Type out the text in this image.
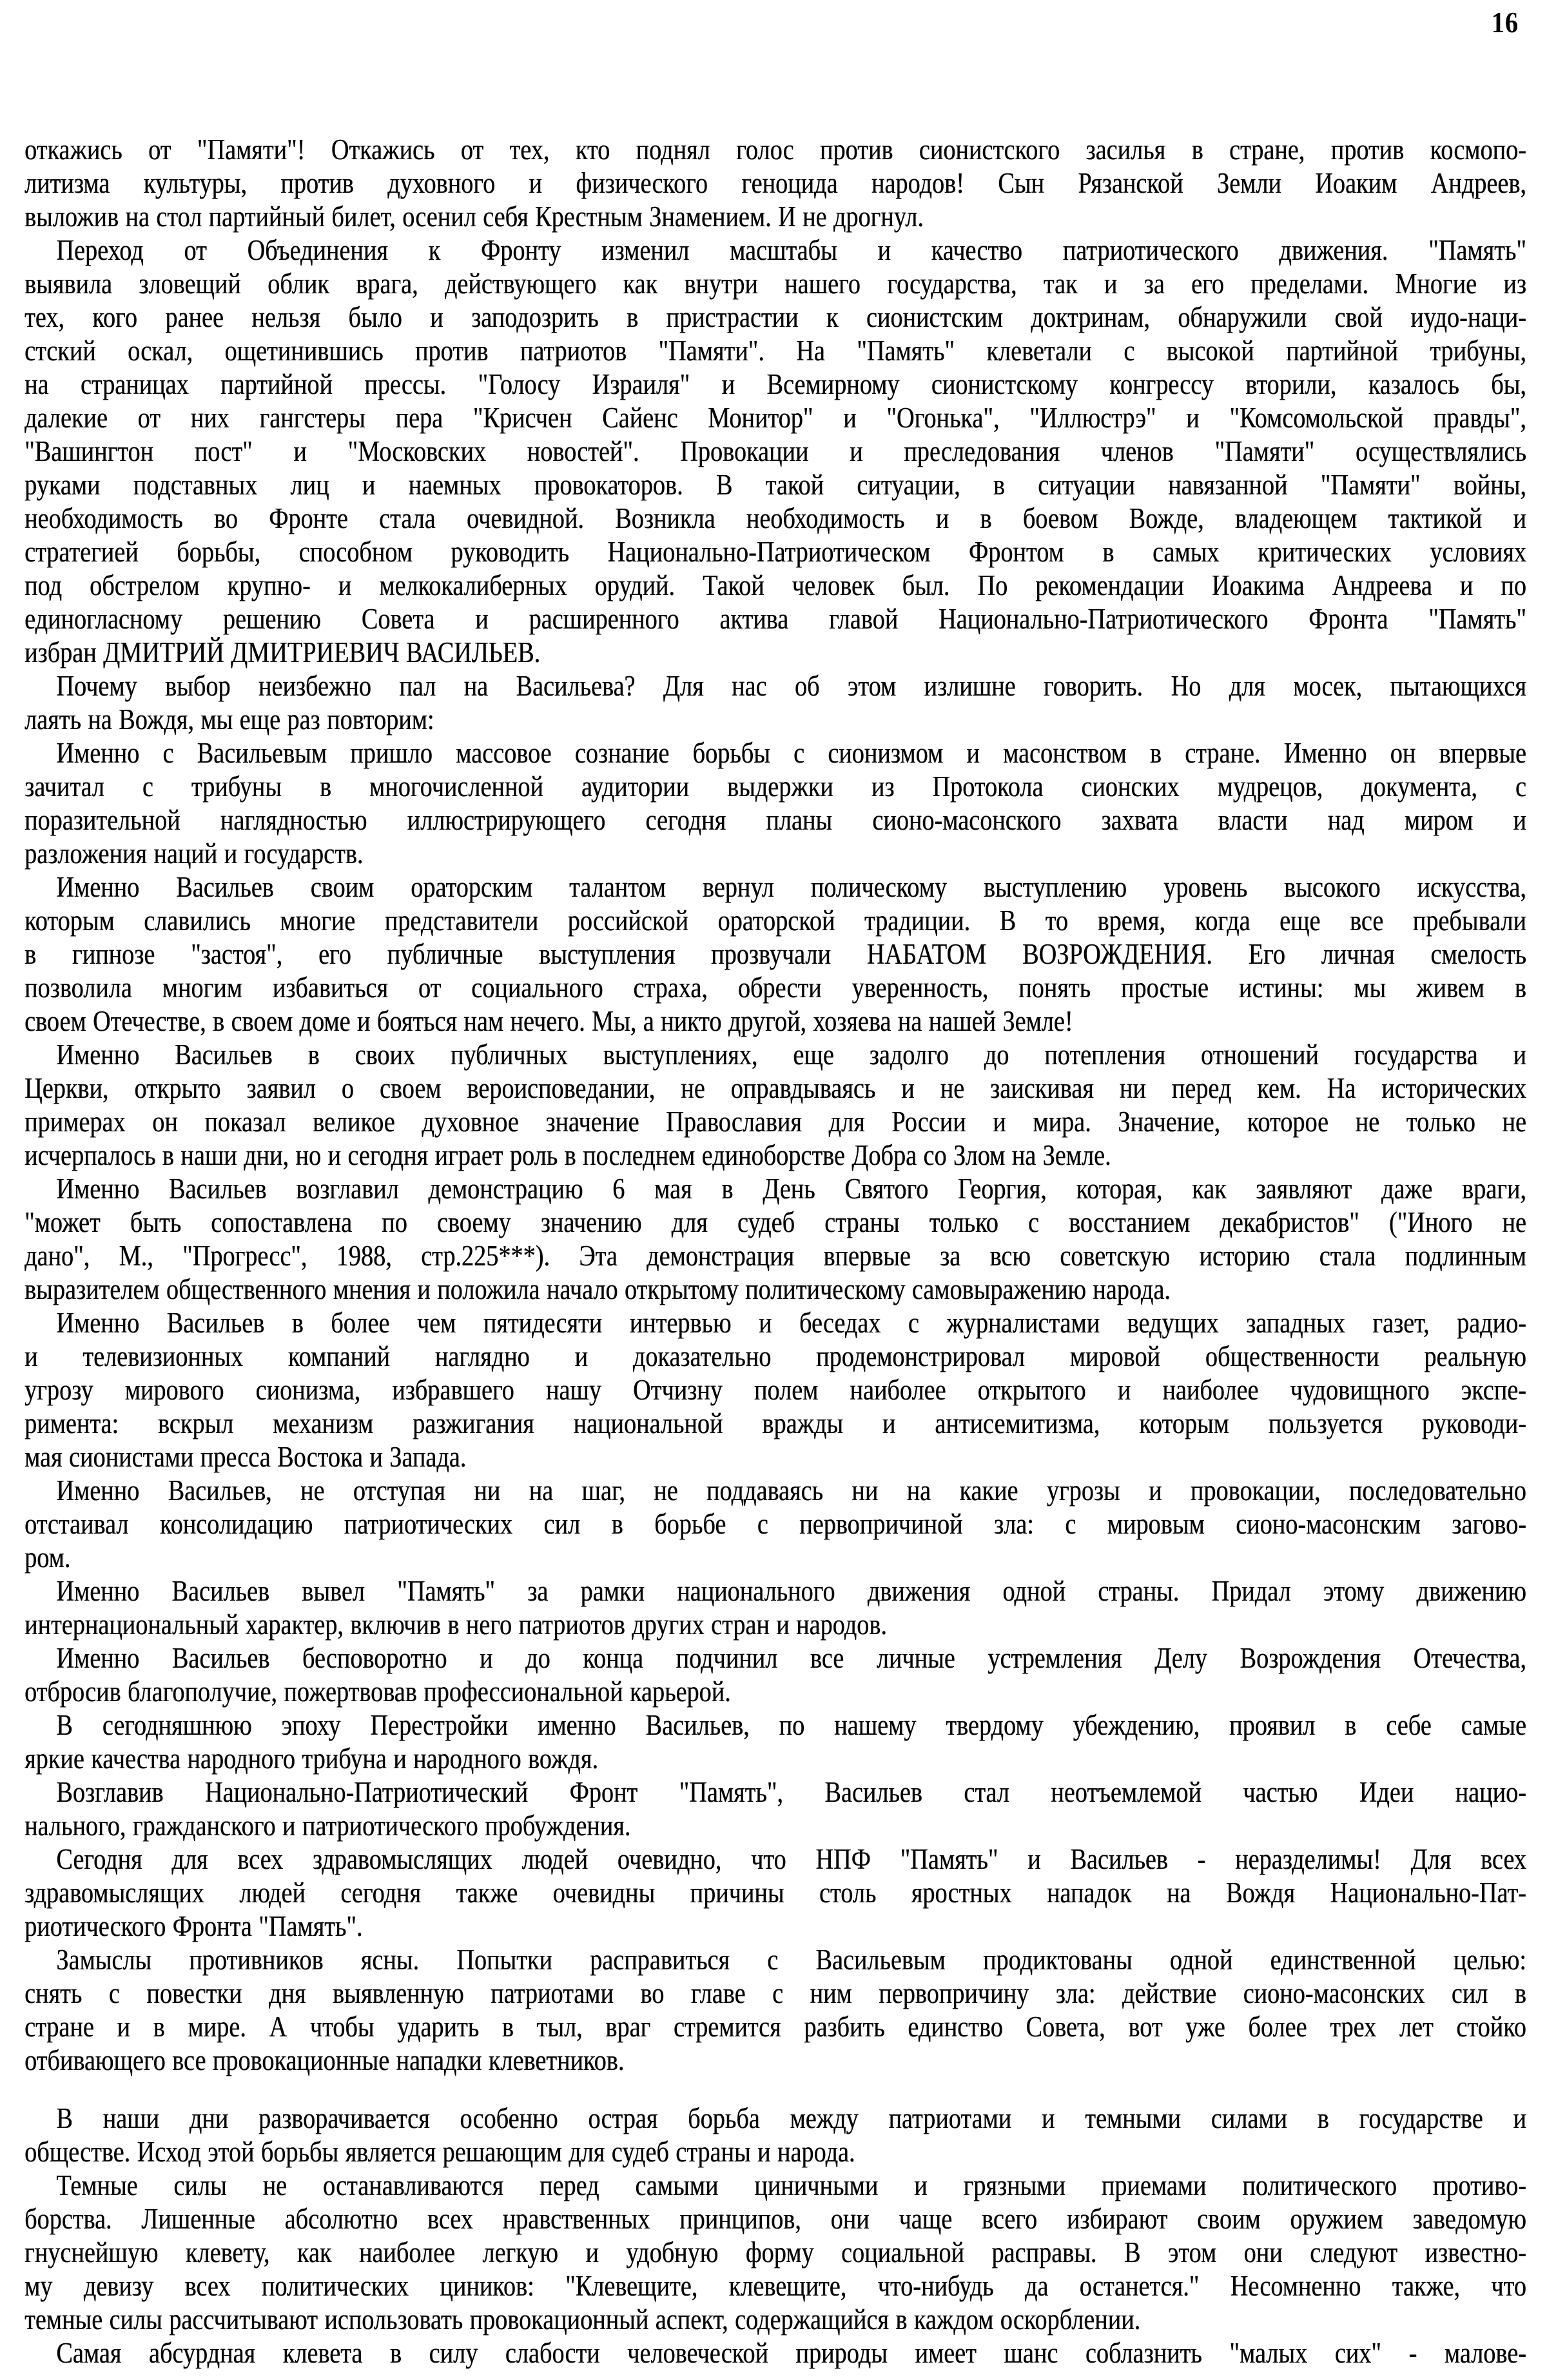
16
откажись от "Памяти"! Откажись от тех, кто поднял голос против сионистского засилья в стране, против космопо-
литизма культуры, против духовного и физического геноцида народов! Сын Рязанской Земли Иоаким Андреев,
выложив на стол партийный билет, осенил себя Крестным Знамением. И не дрогнул.
Переход от Объединения к Фронту изменил масштабы и качество патриотического движения. "Память"
выявила зловещий облик врага, действующего как внутри нашего государства, так и за его пределами. Многие из
тех, кого ранее нельзя было и заподозрить в пристрастии к сионистским доктринам, обнаружили свой иудо-наци-
стский оскал, ощетинившись против патриотов "Памяти". На "Память" клеветали с высокой партийной трибуны,
на страницах партийной прессы. "Голосу Израиля" и Всемирному сионистскому конгрессу вторили, казалось бы,
далекие от них гангстеры пера "Крисчен Сайенс Монитор" и "Огонька", "Иллюстрэ" и "Комсомольской правды",
"Вашингтон пост" и "Московских новостей". Провокации и преследования членов "Памяти" осуществлялись
руками подставных лиц и наемных провокаторов. В такой ситуации, в ситуации навязанной "Памяти" войны,
необходимость во Фронте стала очевидной. Возникла необходимость и в боевом Вожде, владеющем тактикой и
стратегией борьбы, способном руководить Национально-Патриотическом Фронтом в самых критических условиях
под обстрелом крупно- и мелкокалиберных орудий. Такой человек был. По рекомендации Иоакима Андреева и по
единогласному решению Совета и расширенного актива главой Национально-Патриотического Фронта "Память"
избран ДМИТРИЙ ДМИТРИЕВИЧ ВАСИЛЬЕВ.
Почему выбор неизбежно пал на Васильева? Для нас об этом излишне говорить. Но для мосек, пытающихся
лаять на Вождя, мы еще раз повторим:
Именно с Васильевым пришло массовое сознание борьбы с сионизмом и масонством в стране. Именно он впервые
зачитал с трибуны в многочисленной аудитории выдержки из Протокола сионских мудрецов, документа, с
поразительной наглядностью иллюстрирующего сегодня планы сионо-масонского захвата власти над миром и
разложения наций и государств.
Именно Васильев своим ораторским талантом вернул полическому выступлению уровень высокого искусства,
которым славились многие представители российской ораторской традиции. В то время, когда еще все пребывали
в гипнозе "застоя", его публичные выступления прозвучали НАБАТОМ ВОЗРОЖДЕНИЯ. Его личная смелость
позволила многим избавиться от социального страха, обрести уверенность, понять простые истины: мы живем в
своем Отечестве, в своем доме и бояться нам нечего. Мы, а никто другой, хозяева на нашей Земле!
Именно Васильев в своих публичных выступлениях, еще задолго до потепления отношений государства и
Церкви, открыто заявил о своем вероисповедании, не оправдываясь и не заискивая ни перед кем. На исторических
примерах он показал великое духовное значение Православия для России и мира. Значение, которое не только не
исчерпалось в наши дни, но и сегодня играет роль в последнем единоборстве Добра со Злом на Земле.
Именно Васильев возглавил демонстрацию 6 мая в День Святого Георгия, которая, как заявляют даже враги,
"может быть сопоставлена по своему значению для судеб страны только с восстанием декабристов" ("Иного не
дано", М., "Прогресс", 1988, стр.225***). Эта демонстрация впервые за всю советскую историю стала подлинным
выразителем общественного мнения и положила начало открытому политическому самовыражению народа.
Именно Васильев в более чем пятидесяти интервью и беседах с журналистами ведущих западных газет, радио-
и телевизионных компаний наглядно и доказательно продемонстрировал мировой общественности реальную
угрозу мирового сионизма, избравшего нашу Отчизну полем наиболее открытого и наиболее чудовищного экспе-
римента: вскрыл механизм разжигания национальной вражды и антисемитизма, которым пользуется руководи-
мая сионистами пресса Востока и Запада.
Именно Васильев, не отступая ни на шаг, не поддаваясь ни на какие угрозы и провокации, последовательно
отстаивал консолидацию патриотических сил в борьбе с первопричиной зла: с мировым сионо-масонским загово-
ром.
Именно Васильев вывел "Память" за рамки национального движения одной страны. Придал этому движению
интернациональный характер, включив в него патриотов других стран и народов.
Именно Васильев бесповоротно и до конца подчинил все личные устремления Делу Возрождения Отечества,
отбросив благополучие, пожертвовав профессиональной карьерой.
В сегодняшнюю эпоху Перестройки именно Васильев, по нашему твердому убеждению, проявил в себе самые
яркие качества народного трибуна и народного вождя.
Возглавив Национально-Патриотический Фронт "Память", Васильев стал неотъемлемой частью Идеи нацио-
нального, гражданского и патриотического пробуждения.
Сегодня для всех здравомыслящих людей очевидно, что НПФ "Память" и Васильев - неразделимы! Для всех
здравомыслящих людей сегодня также очевидны причины столь яростных нападок на Вождя Национально-Пат-
риотического Фронта "Память".
Замыслы противников ясны. Попытки расправиться с Васильевым продиктованы одной единственной целью:
снять с повестки дня выявленную патриотами во главе с ним первопричину зла: действие сионо-масонских сил в
стране и в мире. А чтобы ударить в тыл, враг стремится разбить единство Совета, вот уже более трех лет стойко
отбивающего все провокационные нападки клеветников.
В наши дни разворачивается особенно острая борьба между патриотами и темными силами в государстве и
обществе. Исход этой борьбы является решающим для судеб страны и народа.
Темные силы не останавливаются перед самыми циничными и грязными приемами политического противо-
борства. Лишенные абсолютно всех нравственных принципов, они чаще всего избирают своим оружием заведомую
гнуснейшую клевету, как наиболее легкую и удобную форму социальной расправы. В этом они следуют известно-
му девизу всех политических циников: "Клевещите, клевещите, что-нибудь да останется." Несомненно также, что
темные силы рассчитывают использовать провокационный аспект, содержащийся в каждом оскорблении.
Самая абсурдная клевета в силу слабости человеческой природы имеет шанс соблазнить "малых сих" - малове-
